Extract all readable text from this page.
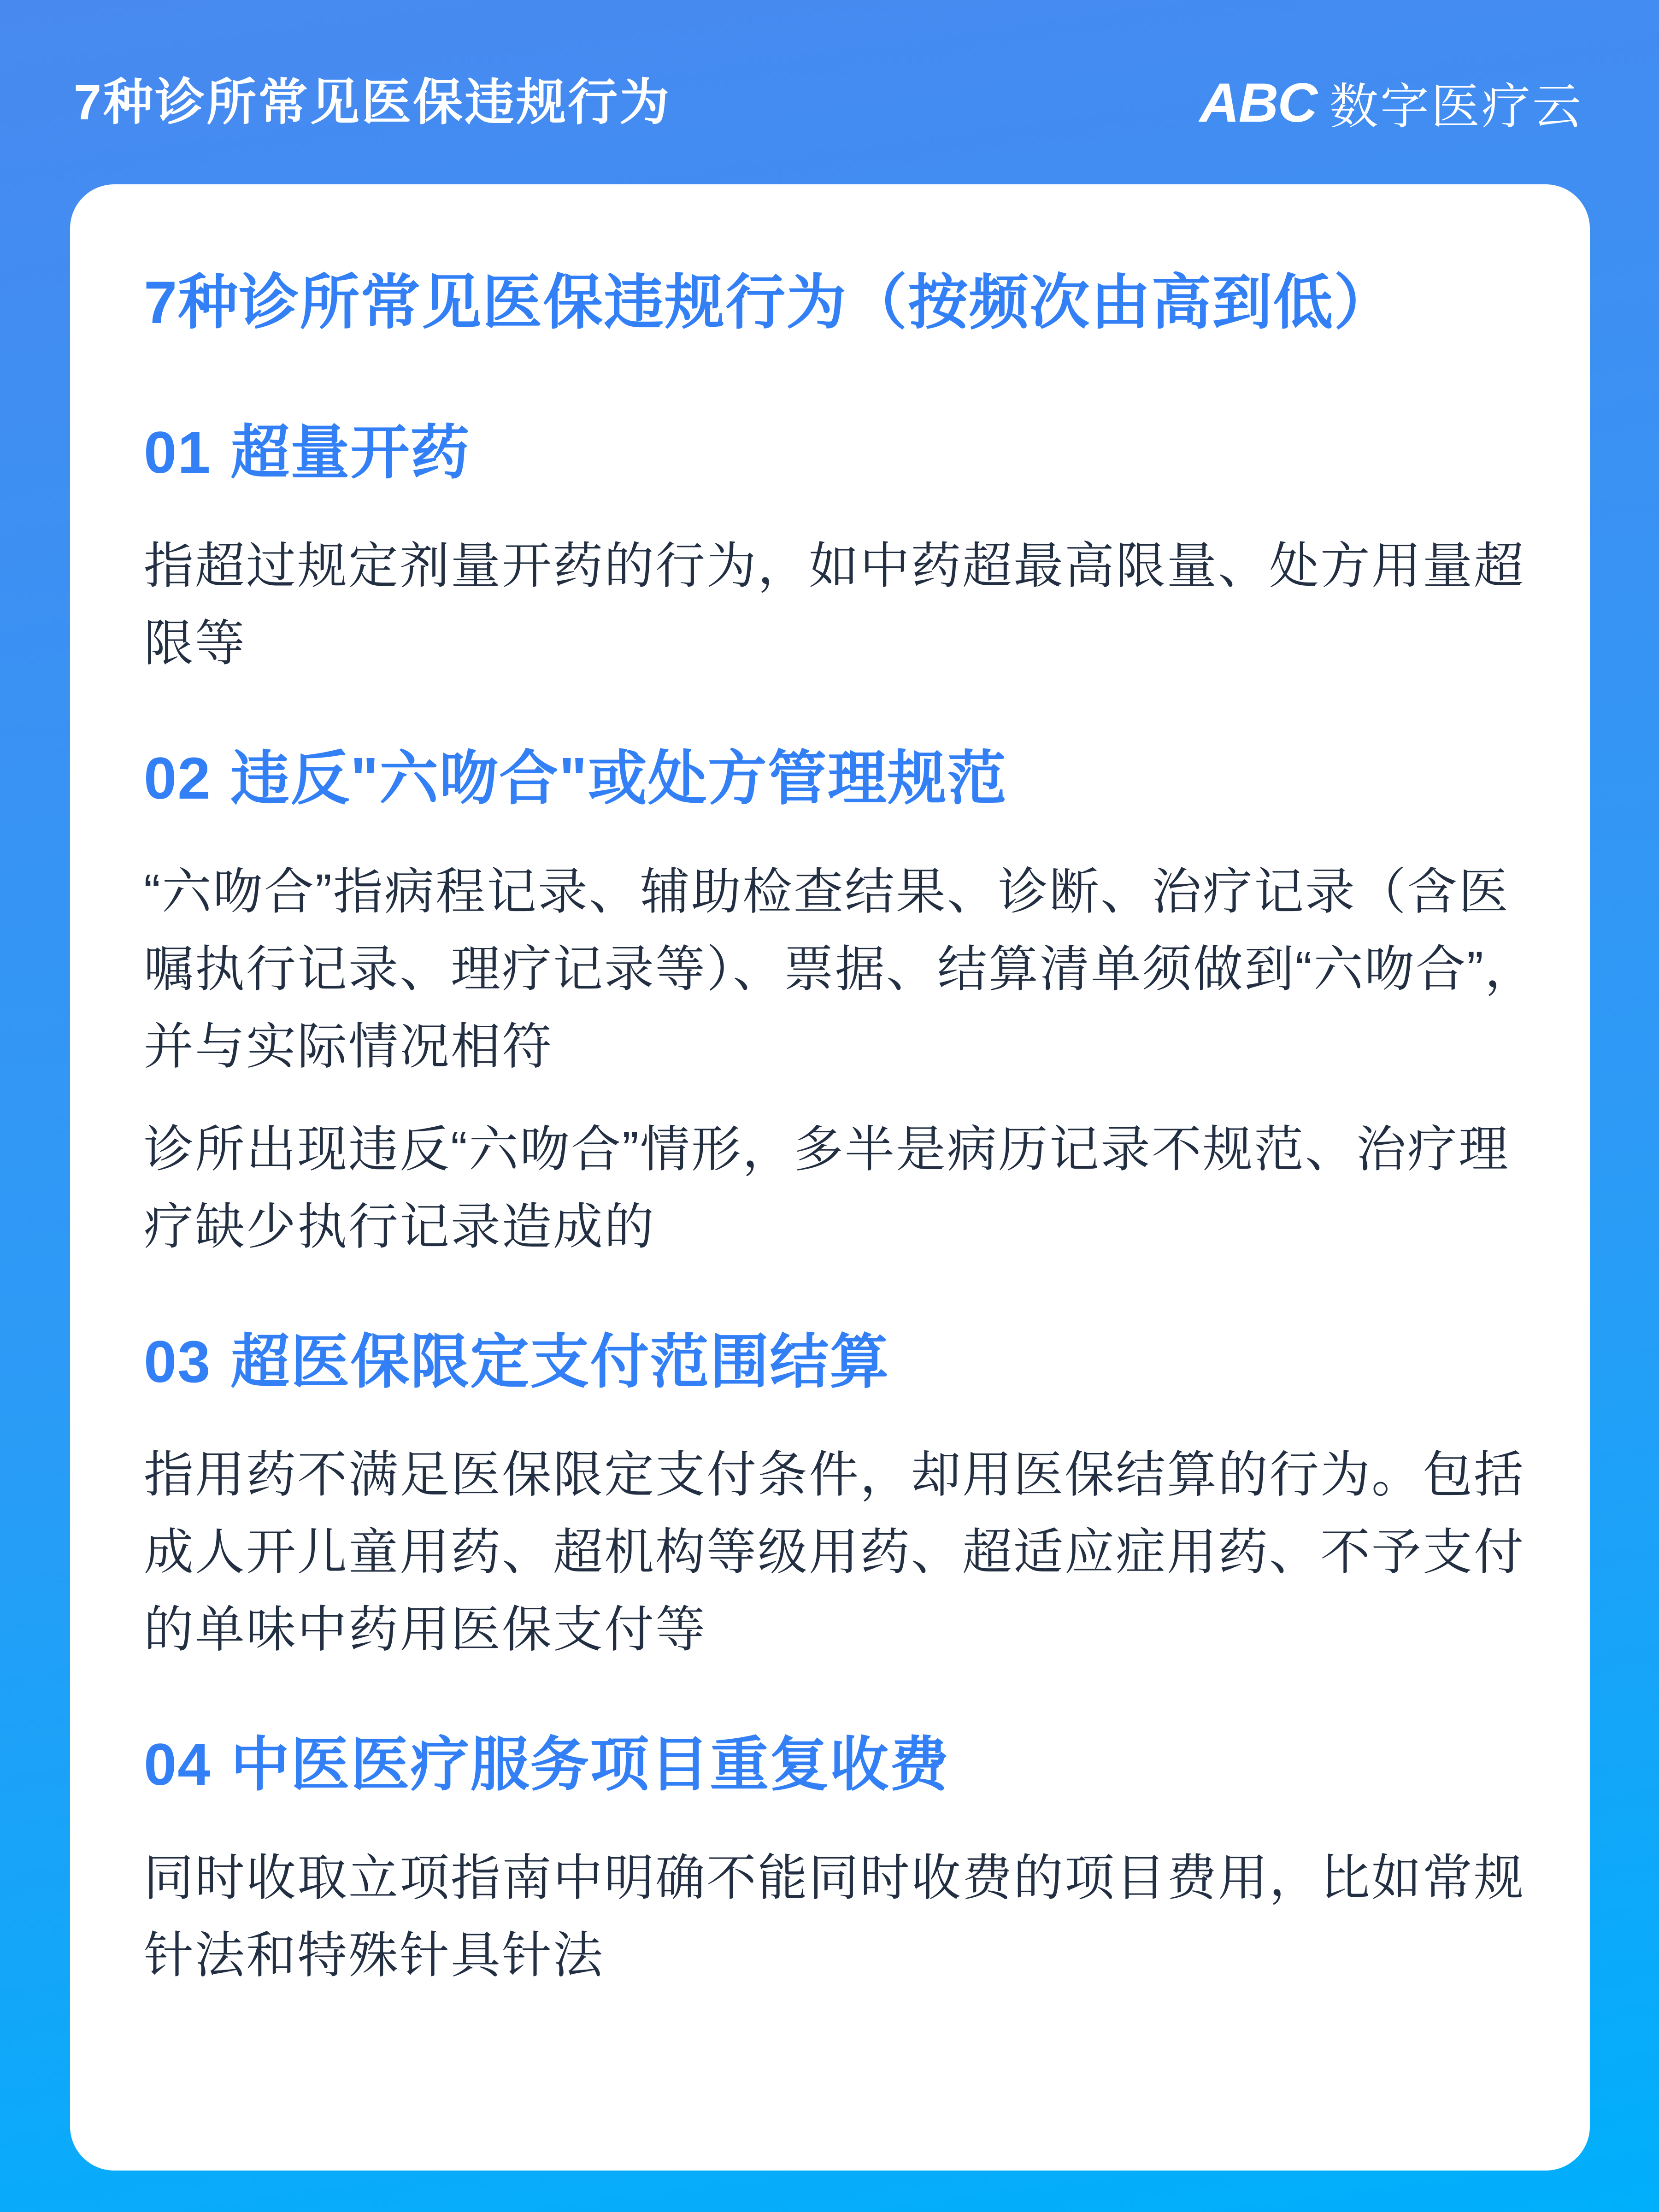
7种诊所常见医保违规行为	ABC 数字医疗云
7种诊所常见医保违规行为（按频次由高到低）
01 超量开药

指超过规定剂量开药的行为，如中药超最高限量、处方用量超限等

02 违反"六吻合"或处方管理规范

“六吻合”指病程记录、辅助检查结果、诊断、治疗记录（含医嘱执行记录、理疗记录等）、票据、结算清单须做到“六吻合”，并与实际情况相符

诊所出现违反“六吻合”情形，多半是病历记录不规范、治疗理疗缺少执行记录造成的

03 超医保限定支付范围结算

指用药不满足医保限定支付条件，却用医保结算的行为。包括成人开儿童用药、超机构等级用药、超适应症用药、不予支付的单味中药用医保支付等

04 中医医疗服务项目重复收费

同时收取立项指南中明确不能同时收费的项目费用，比如常规针法和特殊针具针法
